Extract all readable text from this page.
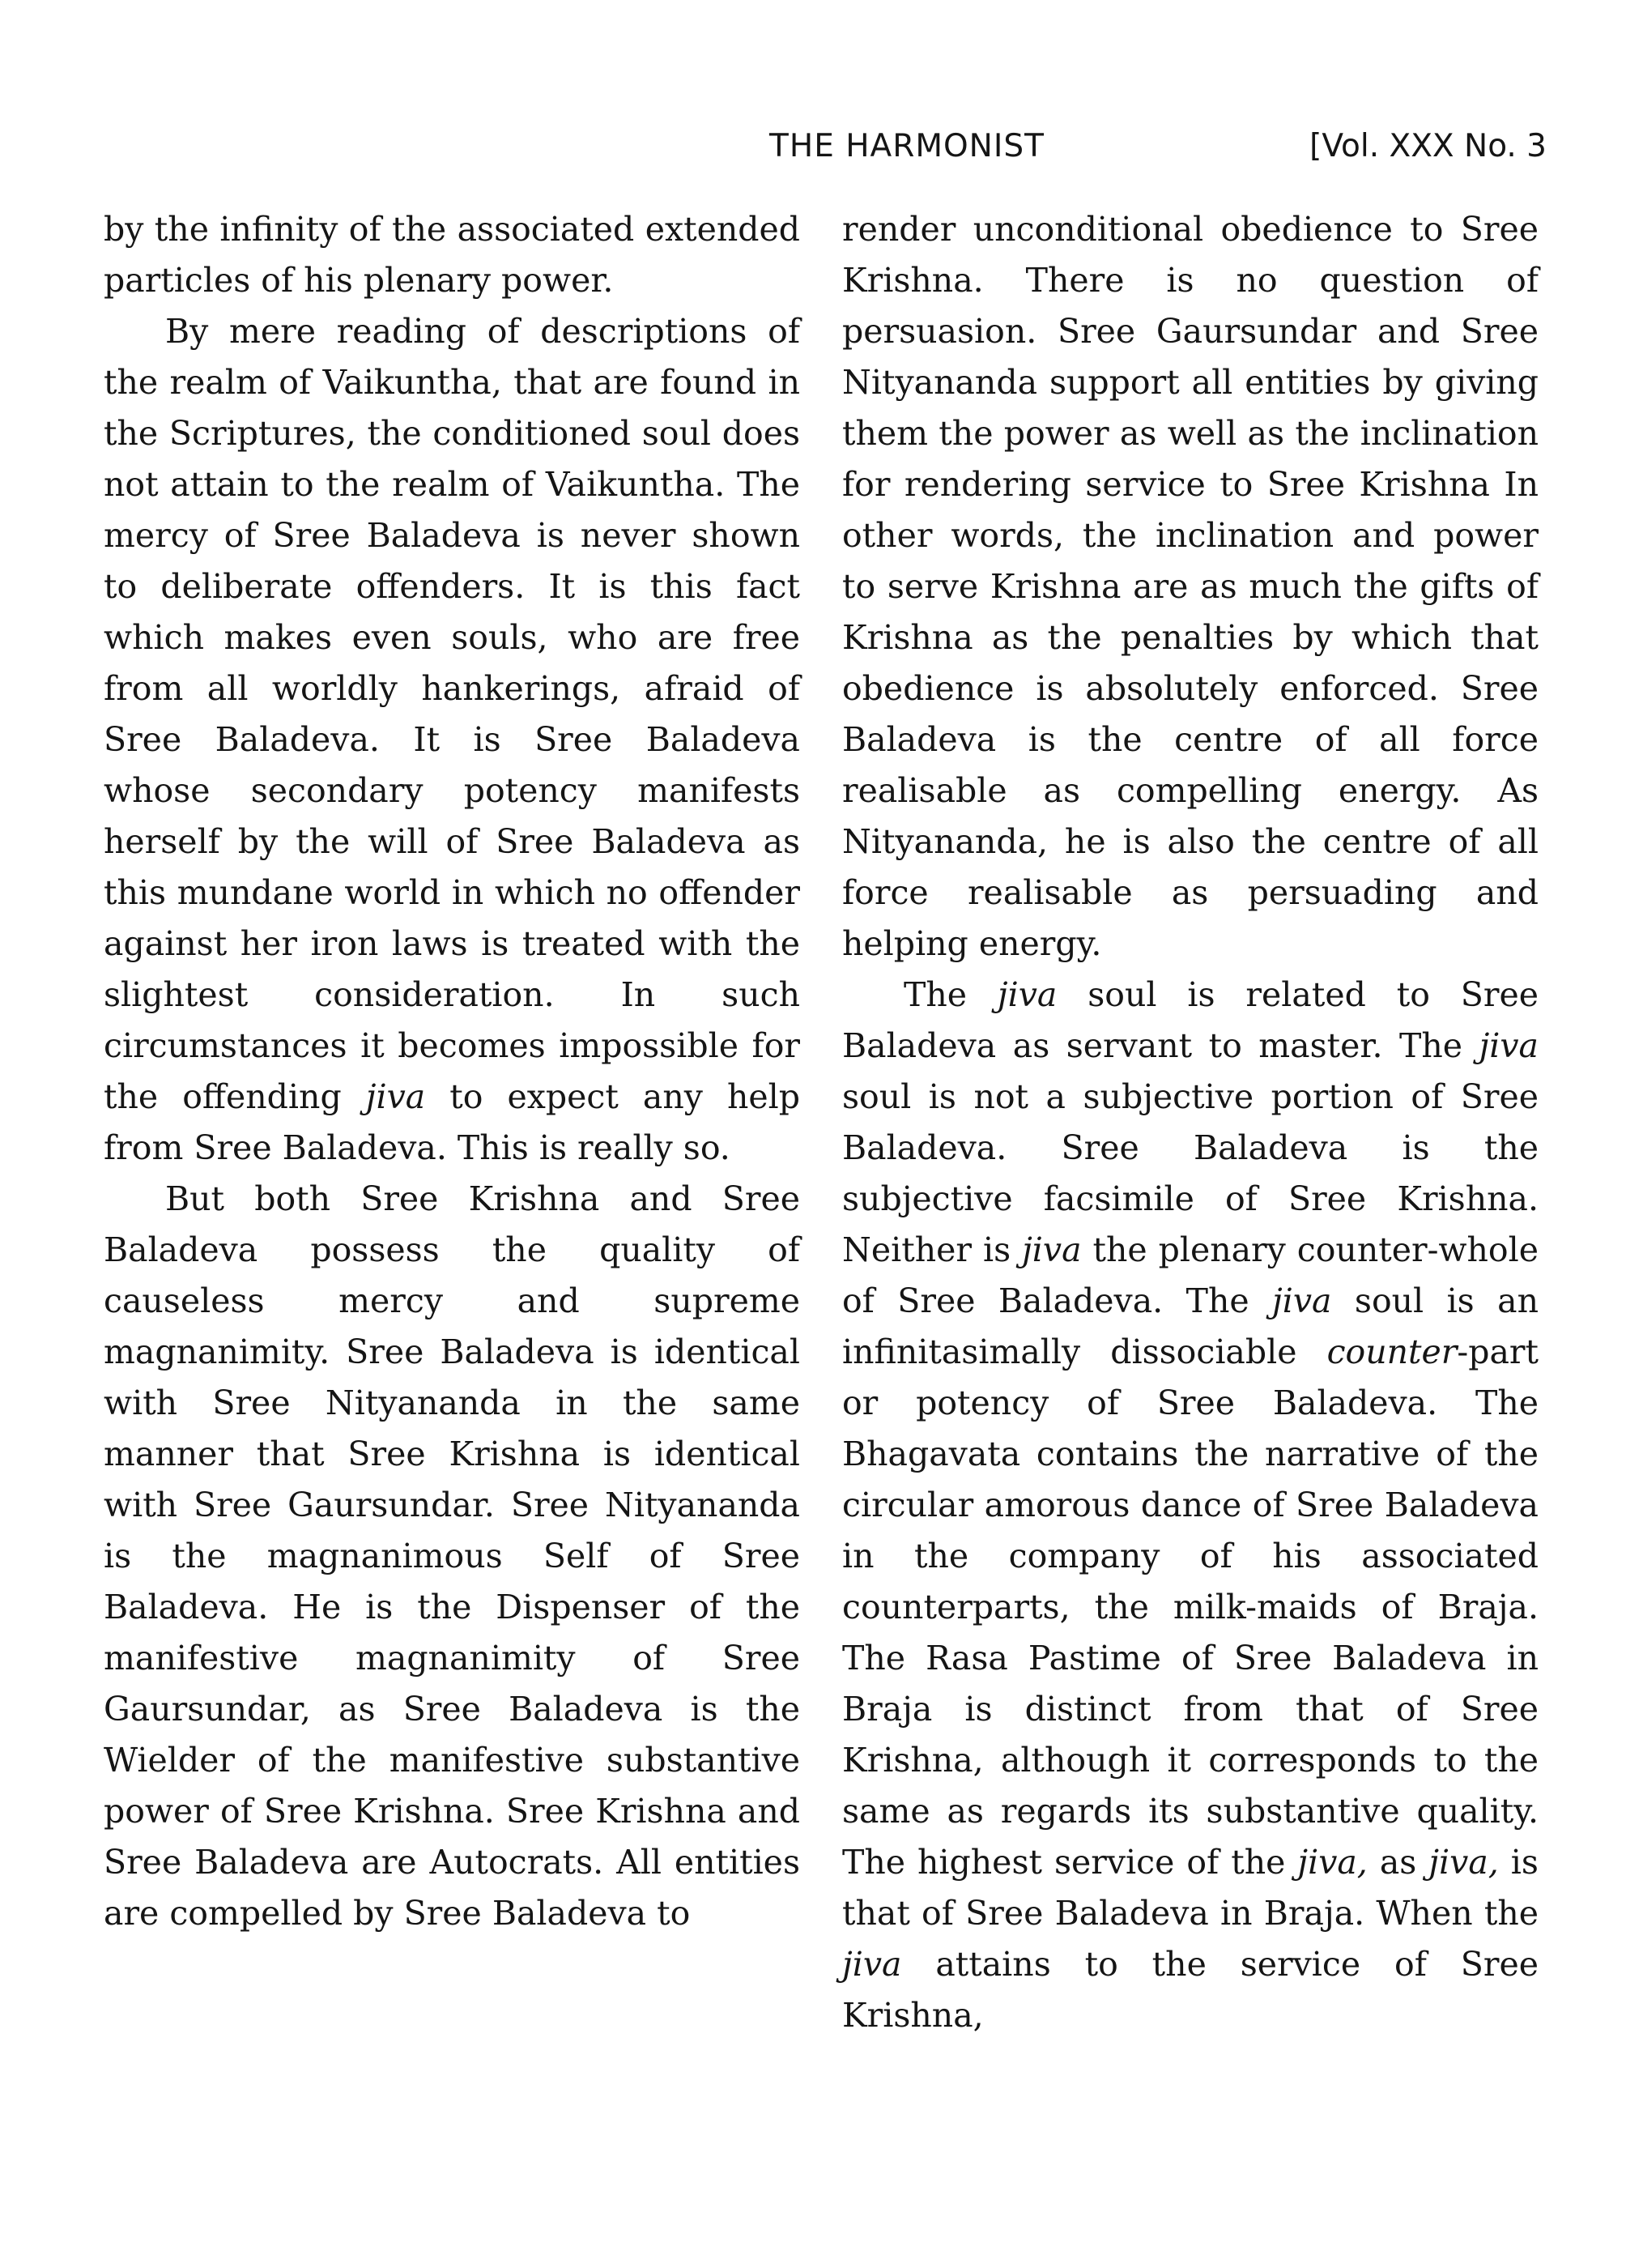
THE HARMONIST	[Vol. XXX No. 3

by the infinity of the associated extended particles of his plenary power.

By mere reading of descriptions of the realm of Vaikuntha, that are found in the Scriptures, the conditioned soul does not attain to the realm of Vaikuntha. The mercy of Sree Baladeva is never shown to deliberate offenders. It is this fact which makes even souls, who are free from all worldly hankerings, afraid of Sree Baladeva. It is Sree Baladeva whose secondary potency manifests herself by the will of Sree Baladeva as this mundane world in which no offender against her iron laws is treated with the slightest consideration. In such circumstances it becomes impossible for the offending jiva to expect any help from Sree Baladeva. This is really so.

But both Sree Krishna and Sree Baladeva possess the quality of causeless mercy and supreme magnanimity. Sree Baladeva is identical with Sree Nityananda in the same manner that Sree Krishna is identical with Sree Gaursundar. Sree Nityananda is the magnanimous Self of Sree Baladeva. He is the Dispenser of the manifestive magnanimity of Sree Gaursundar, as Sree Baladeva is the Wielder of the manifestive substantive power of Sree Krishna. Sree Krishna and Sree Baladeva are Autocrats. All entities are compelled by Sree Baladeva to

render unconditional obedience to Sree Krishna. There is no question of persuasion. Sree Gaursundar and Sree Nityananda support all entities by giving them the power as well as the inclination for rendering service to Sree Krishna In other words, the inclination and power to serve Krishna are as much the gifts of Krishna as the penalties by which that obedience is absolutely enforced. Sree Baladeva is the centre of all force realisable as compelling energy. As Nityananda, he is also the centre of all force realisable as persuading and helping energy.

The jiva soul is related to Sree Baladeva as servant to master. The jiva soul is not a subjective portion of Sree Baladeva. Sree Baladeva is the subjective facsimile of Sree Krishna. Neither is jiva the plenary counter-whole of Sree Baladeva. The jiva soul is an infinitasimally dissociable counter-part or potency of Sree Baladeva. The Bhagavata contains the narrative of the circular amorous dance of Sree Baladeva in the company of his associated counterparts, the milk-maids of Braja. The Rasa Pastime of Sree Baladeva in Braja is distinct from that of Sree Krishna, although it corresponds to the same as regards its substantive quality. The highest service of the jiva, as jiva, is that of Sree Baladeva in Braja. When the jiva attains to the service of Sree Krishna,
